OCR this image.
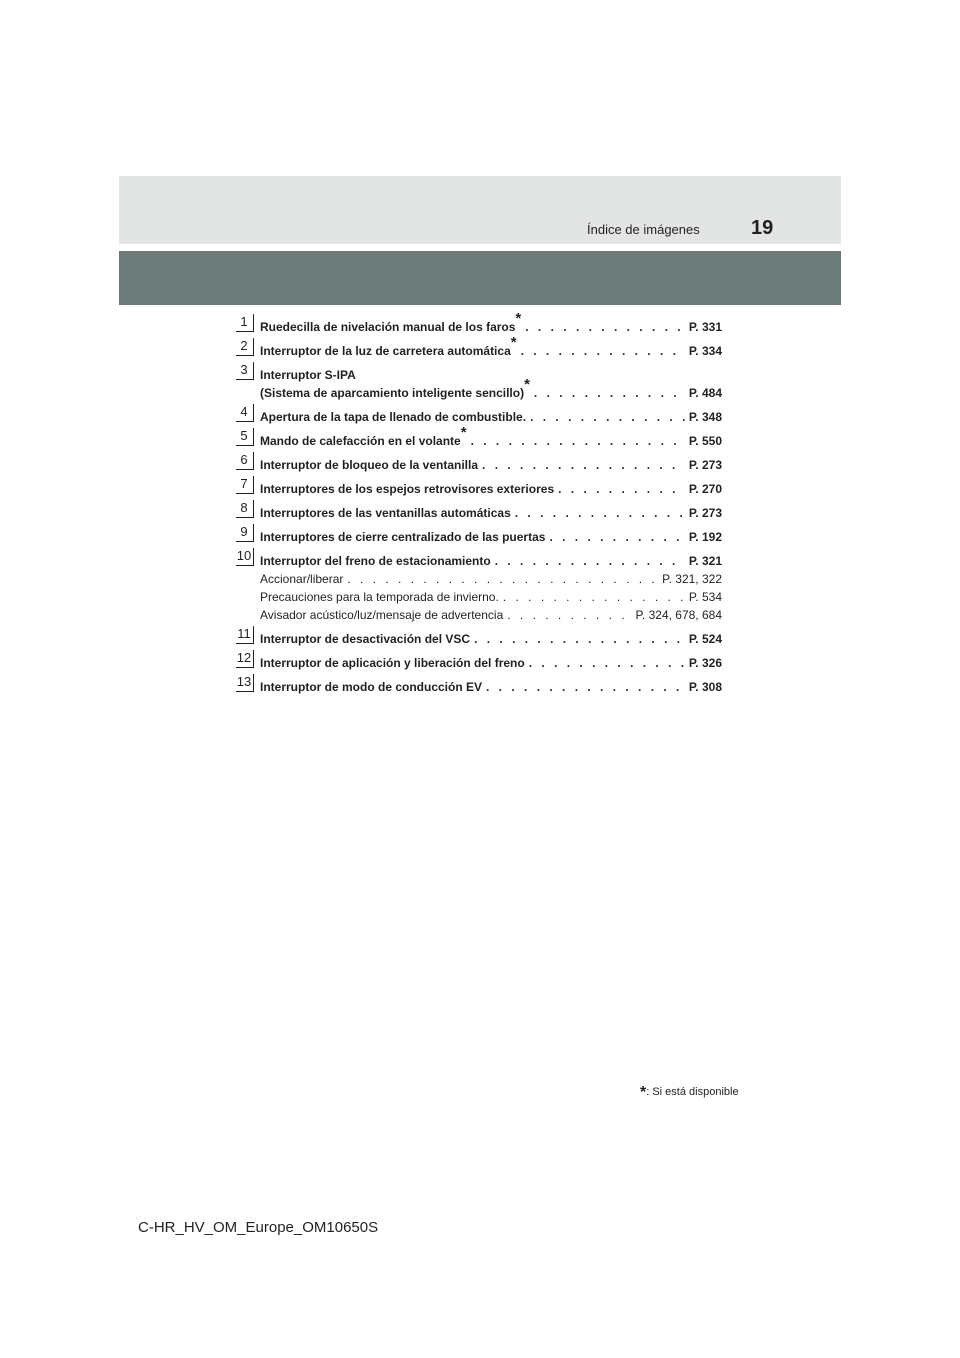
Índice de imágenes	19
1	Ruedecilla de nivelación manual de los faros* . . .	P. 331
2	Interruptor de la luz de carretera automática* . . .	P. 334
3	Interruptor S-IPA
(Sistema de aparcamiento inteligente sencillo)* . . .	P. 484
4	Apertura de la tapa de llenado de combustible. . . .	P. 348
5	Mando de calefacción en el volante* . . .	P. 550
6	Interruptor de bloqueo de la ventanilla . . .	P. 273
7	Interruptores de los espejos retrovisores exteriores . . .	P. 270
8	Interruptores de las ventanillas automáticas . . .	P. 273
9	Interruptores de cierre centralizado de las puertas . . .	P. 192
10 Interruptor del freno de estacionamiento . . .	P. 321
Accionar/liberar . . .	P. 321, 322
Precauciones para la temporada de invierno. . . .	P. 534
Avisador acústico/luz/mensaje de advertencia . . .	P. 324, 678, 684
11 Interruptor de desactivación del VSC . . .	P. 524
12 Interruptor de aplicación y liberación del freno . . .	P. 326
13 Interruptor de modo de conducción EV . . .	P. 308
*: Si está disponible
C-HR_HV_OM_Europe_OM10650S
